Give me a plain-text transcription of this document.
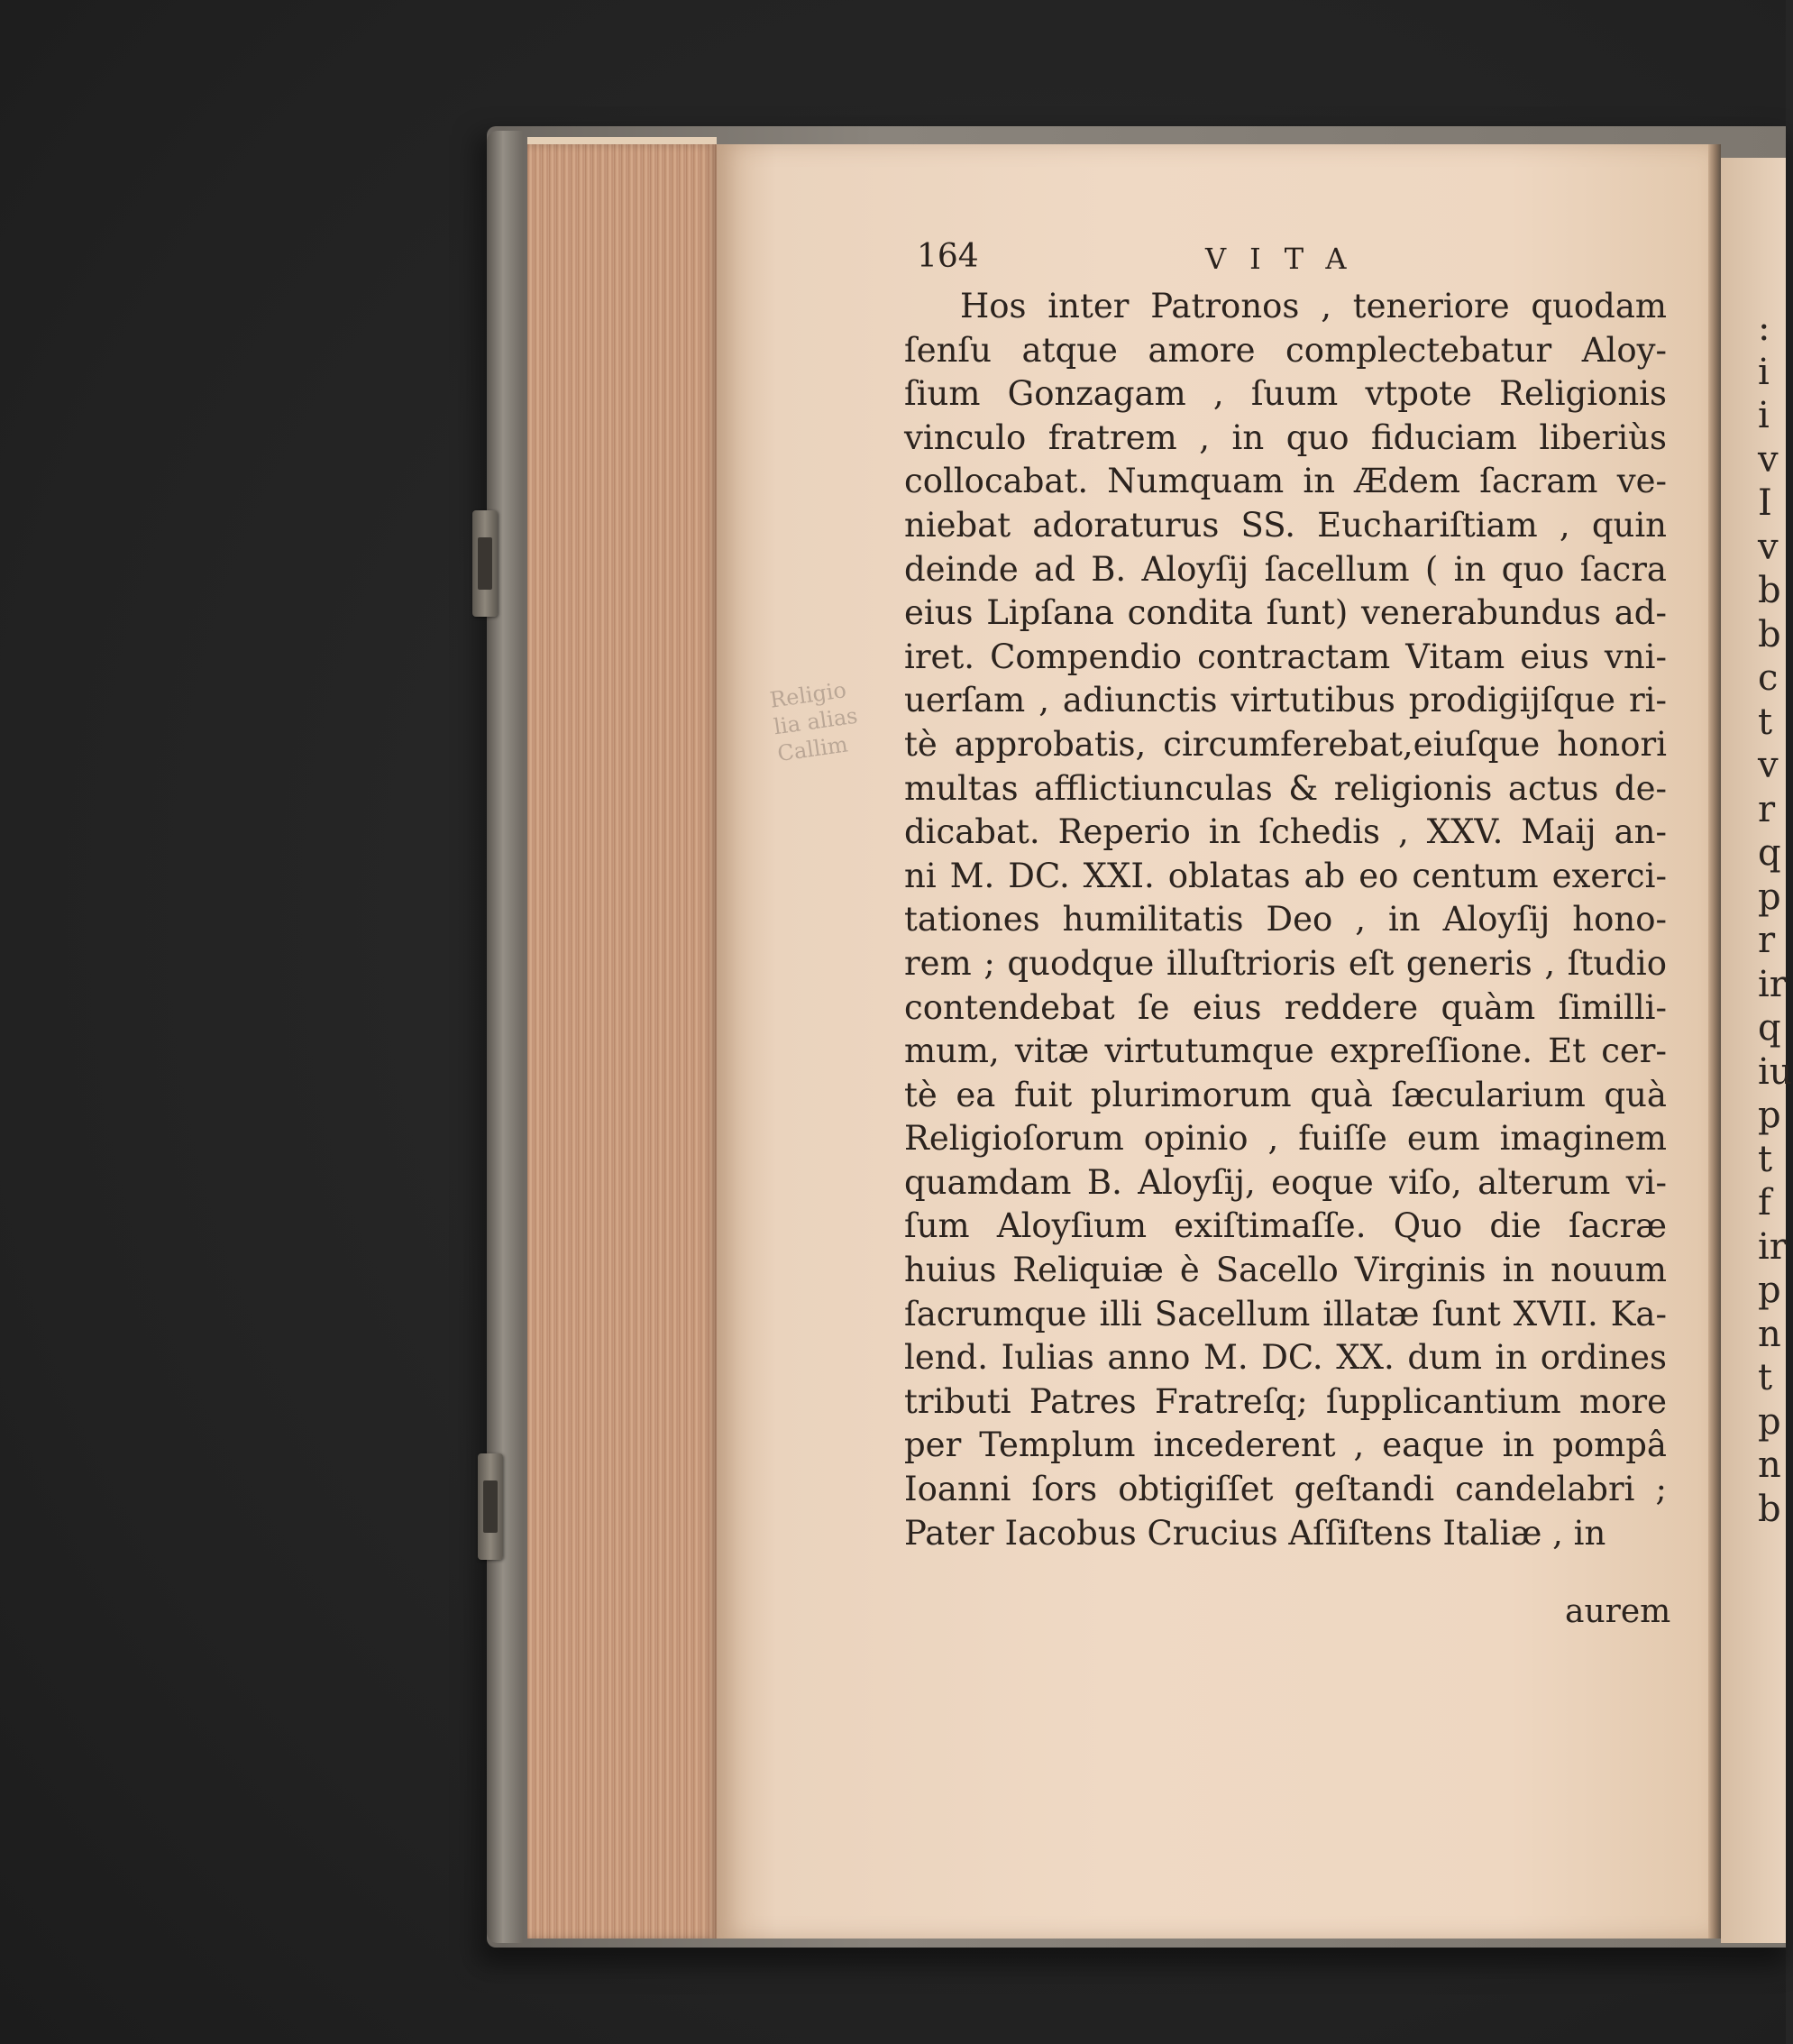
:
i
i
v
I
v
b
b
c
t
v
r
q
p
r
ir
q
iu
p
t
f
ir
p
n
t
p
n
b
Religio
lia alias
Callim
164	VITA
Hos inter Patronos , teneriore quodam
ſenſu atque amore complectebatur Aloy-
ſium Gonzagam , ſuum vtpote Religionis
vinculo fratrem , in quo fiduciam liberiùs
collocabat. Numquam in Ædem ſacram ve-
niebat adoraturus SS. Euchariſtiam , quin
deinde ad B. Aloyſij ſacellum ( in quo ſacra
eius Lipſana condita ſunt) venerabundus ad-
iret. Compendio contractam Vitam eius vni-
uerſam , adiunctis virtutibus prodigijſque ri-
tè approbatis, circumferebat,eiuſque honori
multas afflictiunculas & religionis actus de-
dicabat. Reperio in ſchedis , XXV. Maij an-
ni M. DC. XXI. oblatas ab eo centum exerci-
tationes humilitatis Deo , in Aloyſij hono-
rem ; quodque illuſtrioris eſt generis , ſtudio
contendebat ſe eius reddere quàm ſimilli-
mum, vitæ virtutumque expreſſione. Et cer-
tè ea fuit plurimorum quà ſæcularium quà
Religioſorum opinio , fuiſſe eum imaginem
quamdam B. Aloyſij, eoque viſo, alterum vi-
ſum Aloyſium exiſtimaſſe. Quo die ſacræ
huius Reliquiæ è Sacello Virginis in nouum
ſacrumque illi Sacellum illatæ ſunt XVII. Ka-
lend. Iulias anno M. DC. XX. dum in ordines
tributi Patres Fratreſq; ſupplicantium more
per Templum incederent , eaque in pompâ
Ioanni ſors obtigiſſet geſtandi candelabri ;
Pater Iacobus Crucius Aſſiſtens Italiæ , in
aurem
